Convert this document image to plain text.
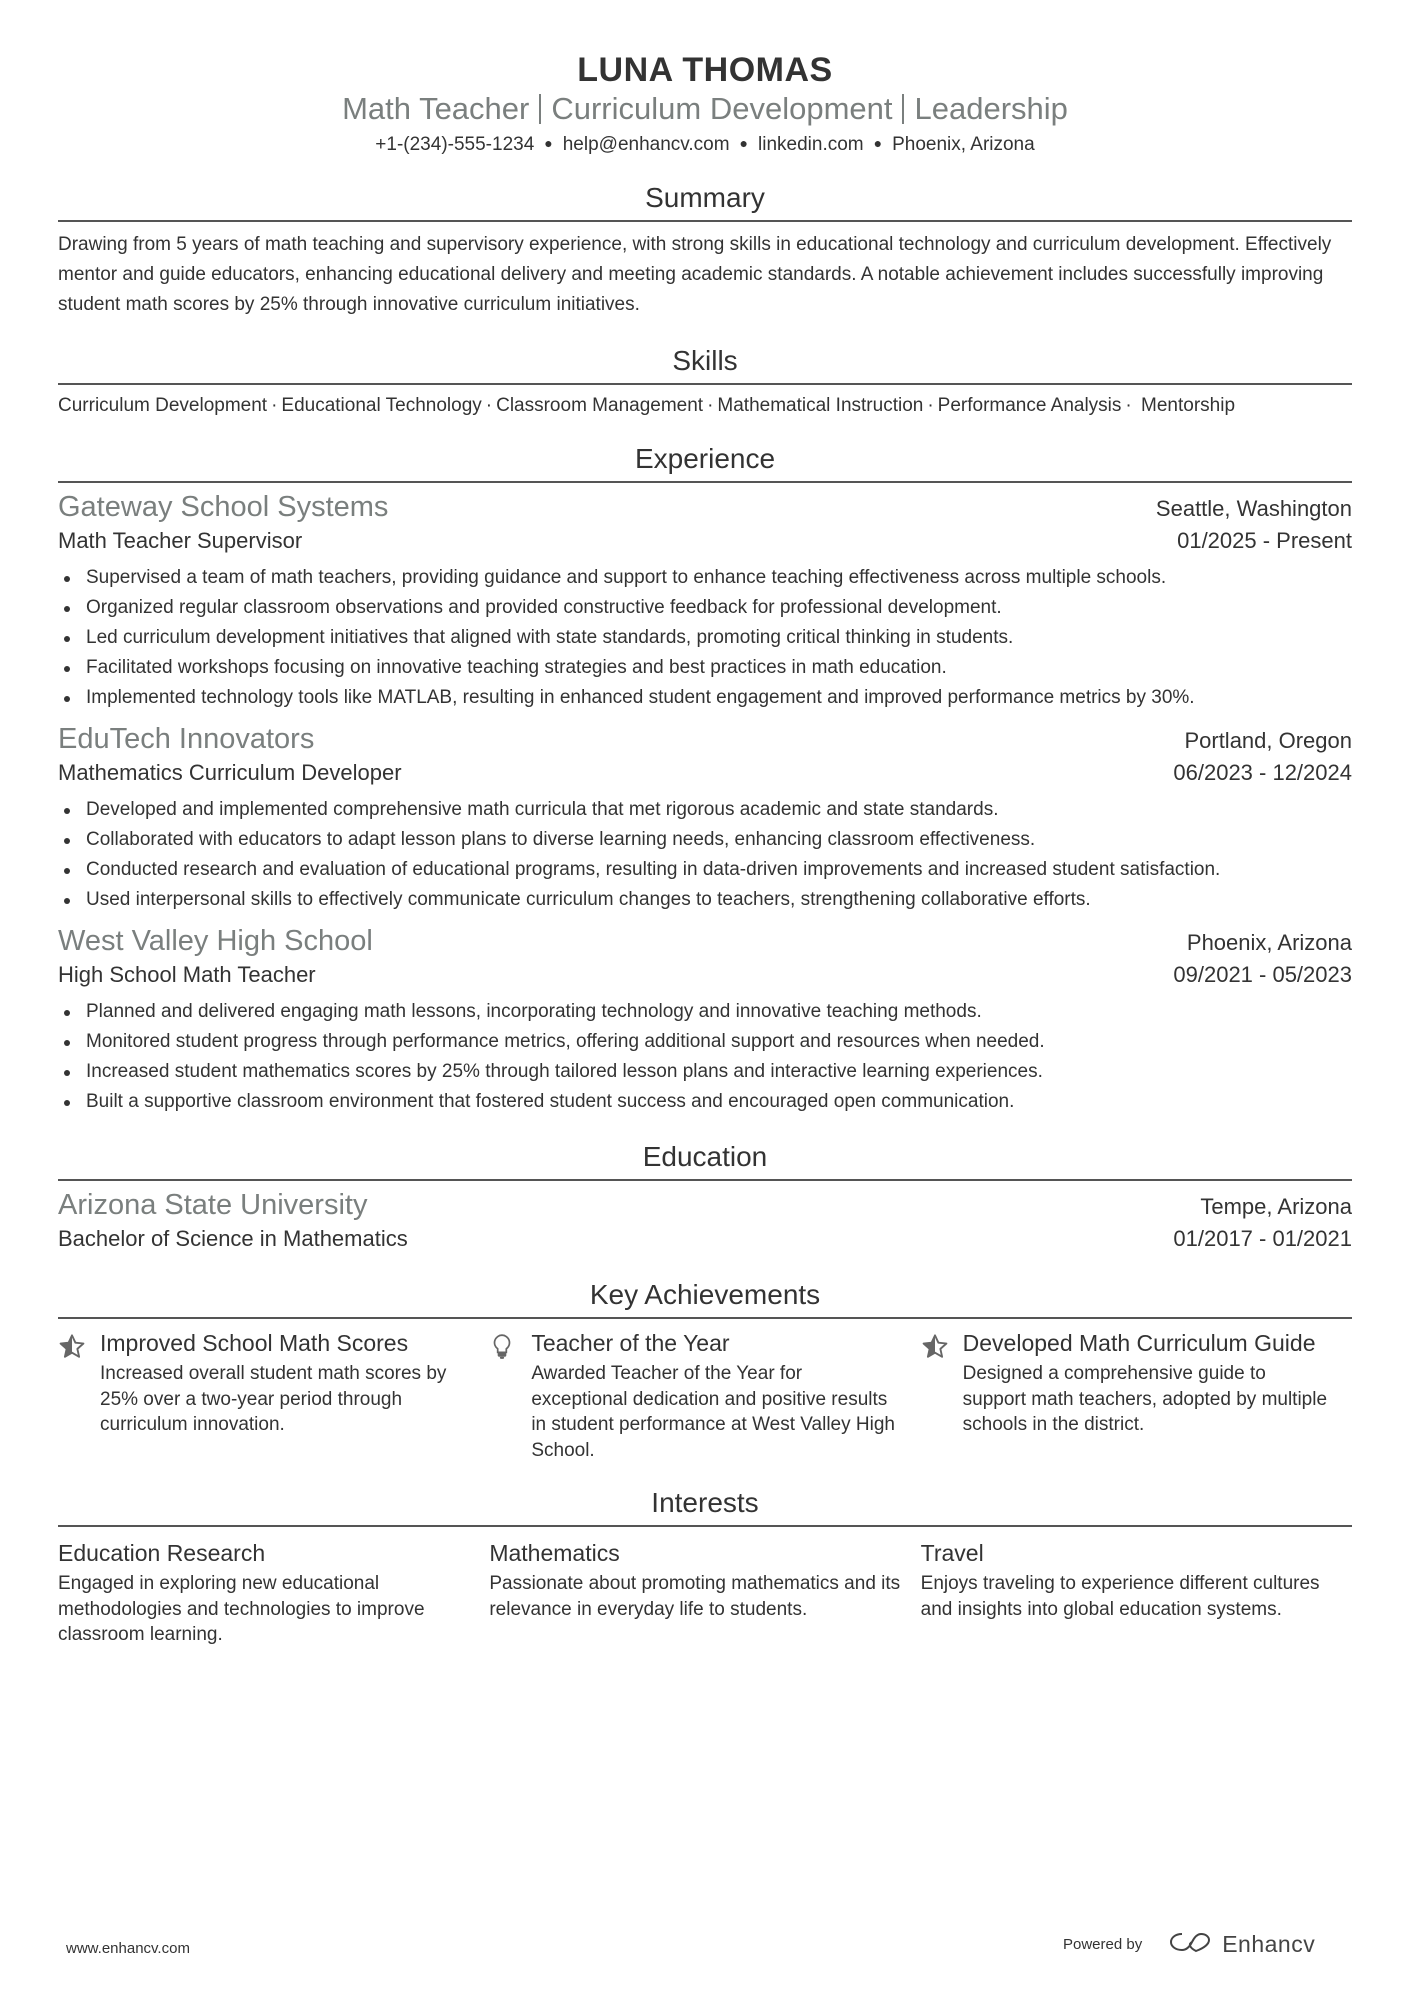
LUNA THOMAS
Math Teacher Curriculum Development Leadership
+1-(234)-555-1234 ● help@enhancv.com ● linkedin.com ● Phoenix, Arizona
Summary
Drawing from 5 years of math teaching and supervisory experience, with strong skills in educational technology and curriculum development. Effectively mentor and guide educators, enhancing educational delivery and meeting academic standards. A notable achievement includes successfully improving student math scores by 25% through innovative curriculum initiatives.
Skills
Curriculum Development · Educational Technology · Classroom Management · Mathematical Instruction · Performance Analysis · Mentorship
Experience
Gateway School Systems	Seattle, Washington
Math Teacher Supervisor	01/2025 - Present
Supervised a team of math teachers, providing guidance and support to enhance teaching effectiveness across multiple schools.
Organized regular classroom observations and provided constructive feedback for professional development.
Led curriculum development initiatives that aligned with state standards, promoting critical thinking in students.
Facilitated workshops focusing on innovative teaching strategies and best practices in math education.
Implemented technology tools like MATLAB, resulting in enhanced student engagement and improved performance metrics by 30%.
EduTech Innovators	Portland, Oregon
Mathematics Curriculum Developer	06/2023 - 12/2024
Developed and implemented comprehensive math curricula that met rigorous academic and state standards.
Collaborated with educators to adapt lesson plans to diverse learning needs, enhancing classroom effectiveness.
Conducted research and evaluation of educational programs, resulting in data-driven improvements and increased student satisfaction.
Used interpersonal skills to effectively communicate curriculum changes to teachers, strengthening collaborative efforts.
West Valley High School	Phoenix, Arizona
High School Math Teacher	09/2021 - 05/2023
Planned and delivered engaging math lessons, incorporating technology and innovative teaching methods.
Monitored student progress through performance metrics, offering additional support and resources when needed.
Increased student mathematics scores by 25% through tailored lesson plans and interactive learning experiences.
Built a supportive classroom environment that fostered student success and encouraged open communication.
Education
Arizona State University	Tempe, Arizona
Bachelor of Science in Mathematics	01/2017 - 01/2021
Key Achievements
Improved School Math Scores
Increased overall student math scores by 25% over a two-year period through curriculum innovation.
Teacher of the Year
Awarded Teacher of the Year for exceptional dedication and positive results in student performance at West Valley High School.
Developed Math Curriculum Guide
Designed a comprehensive guide to support math teachers, adopted by multiple schools in the district.
Interests
Education Research
Engaged in exploring new educational methodologies and technologies to improve classroom learning.
Mathematics
Passionate about promoting mathematics and its relevance in everyday life to students.
Travel
Enjoys traveling to experience different cultures and insights into global education systems.
www.enhancv.com	Powered by	Enhancv
